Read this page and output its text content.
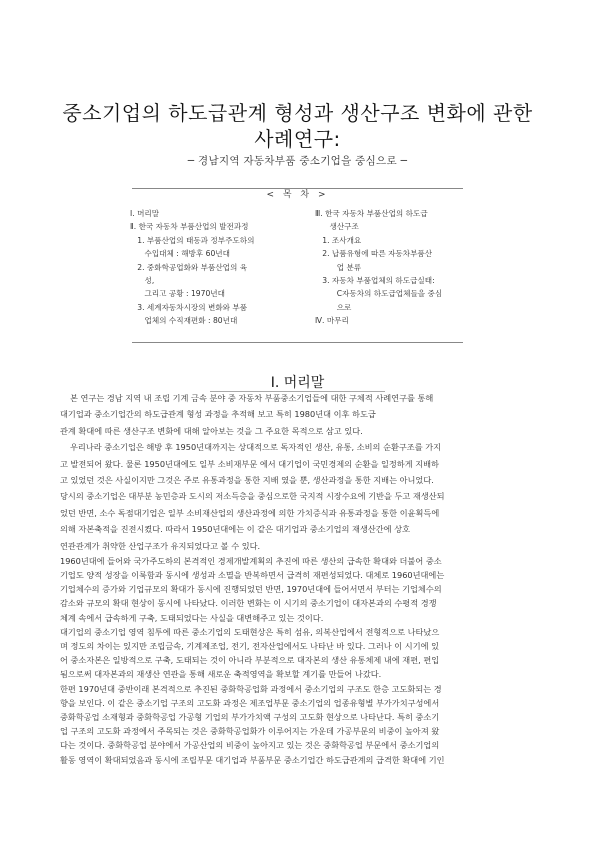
중소기업의 하도급관계 형성과 생산구조 변화에 관한
사례연구:
─ 경남지역 자동차부품 중소기업을 중심으로 ─
< 목 차 >
Ⅰ. 머리말
Ⅱ. 한국 자동차 부품산업의 발전과정
1. 부품산업의 태동과 정부주도하의
수입대체 : 해방후 60년대
2. 중화학공업화와 부품산업의 육
성,
그리고 공황 : 1970년대
3. 세계자동차시장의 변화와 부품
업체의 수직재편화 : 80년대
Ⅲ. 한국 자동차 부품산업의 하도급
생산구조
1. 조사개요
2. 납품유형에 따른 자동차부품산
업 분류
3. 자동차 부품업체의 하도급실태:
C자동차의 하도급업체들을 중심
으로
Ⅳ. 마무리
Ⅰ. 머리말
본 연구는 경남 지역 내 조립 기계 금속 분야 중 자동차 부품중소기업들에 대한 구체적 사례연구를 통해
대기업과 중소기업간의 하도급관계 형성 과정을 추적해 보고 특히 1980년대 이후 하도급
관계 확대에 따른 생산구조 변화에 대해 알아보는 것을 그 주요한 목적으로 삼고 있다.
우리나라 중소기업은 해방 후 1950년대까지는 상대적으로 독자적인 생산, 유통, 소비의 순환구조를 가지
고 발전되어 왔다. 물론 1950년대에도 일부 소비재부문 에서 대기업이 국민경제의 순환을 일정하게 지배하
고 있었던 것은 사실이지만 그것은 주로 유통과정을 통한 지배 였을 뿐, 생산과정을 통한 지배는 아니었다.
당시의 중소기업은 대부분 농민층과 도시의 저소득층을 중심으로한 국지적 시장수요에 기반을 두고 재생산되
었던 반면, 소수 독점대기업은 일부 소비재산업의 생산과정에 의한 가치증식과 유통과정을 통한 이윤획득에
의해 자본축적을 진전시켰다. 따라서 1950년대에는 이 같은 대기업과 중소기업의 재생산간에 상호
연관관계가 취약한 산업구조가 유지되었다고 볼 수 있다.
1960년대에 들어와 국가주도하의 본격적인 경제개발계획의 추진에 따른 생산의 급속한 확대와 더불어 중소
기업도 양적 성장을 이룩함과 동시에 생성과 소멸을 반복하면서 급격히 재편성되었다. 대체로 1960년대에는
기업체수의 증가와 기업규모의 확대가 동시에 진행되었던 반면, 1970년대에 들어서면서 부터는 기업체수의
감소와 규모의 확대 현상이 동시에 나타났다. 이러한 변화는 이 시기의 중소기업이 대자본과의 수평적 경쟁
체계 속에서 급속하게 구축, 도태되었다는 사실을 대변해주고 있는 것이다.
대기업의 중소기업 영역 침투에 따른 중소기업의 도태현상은 특히 섬유, 의복산업에서 전형적으로 나타났으
며 정도의 차이는 있지만 조립금속, 기계제조업, 전기, 전자산업에서도 나타난 바 있다. 그러나 이 시기에 있
어 중소자본은 일방적으로 구축, 도태되는 것이 아니라 부분적으로 대자본의 생산 유통체제 내에 재편, 편입
됨으로써 대자본과의 재생산 연관을 통해 새로운 축적영역을 확보할 계기를 만들어 나갔다.
한편 1970년대 중반이래 본격적으로 추진된 중화학공업화 과정에서 중소기업의 구조도 한층 고도화되는 경
향을 보인다. 이 같은 중소기업 구조의 고도화 과정은 제조업부문 중소기업의 업종유형별 부가가치구성에서
중화학공업 소재형과 중화학공업 가공형 기업의 부가가치액 구성의 고도화 현상으로 나타난다. 특히 중소기
업 구조의 고도화 과정에서 주목되는 것은 중화학공업화가 이루어지는 가운데 가공부문의 비중이 높아져 왔
다는 것이다. 중화학공업 분야에서 가공산업의 비중이 높아지고 있는 것은 중화학공업 부문에서 중소기업의
활동 영역이 확대되었음과 동시에 조립부문 대기업과 부품부문 중소기업간 하도급관계의 급격한 확대에 기인
